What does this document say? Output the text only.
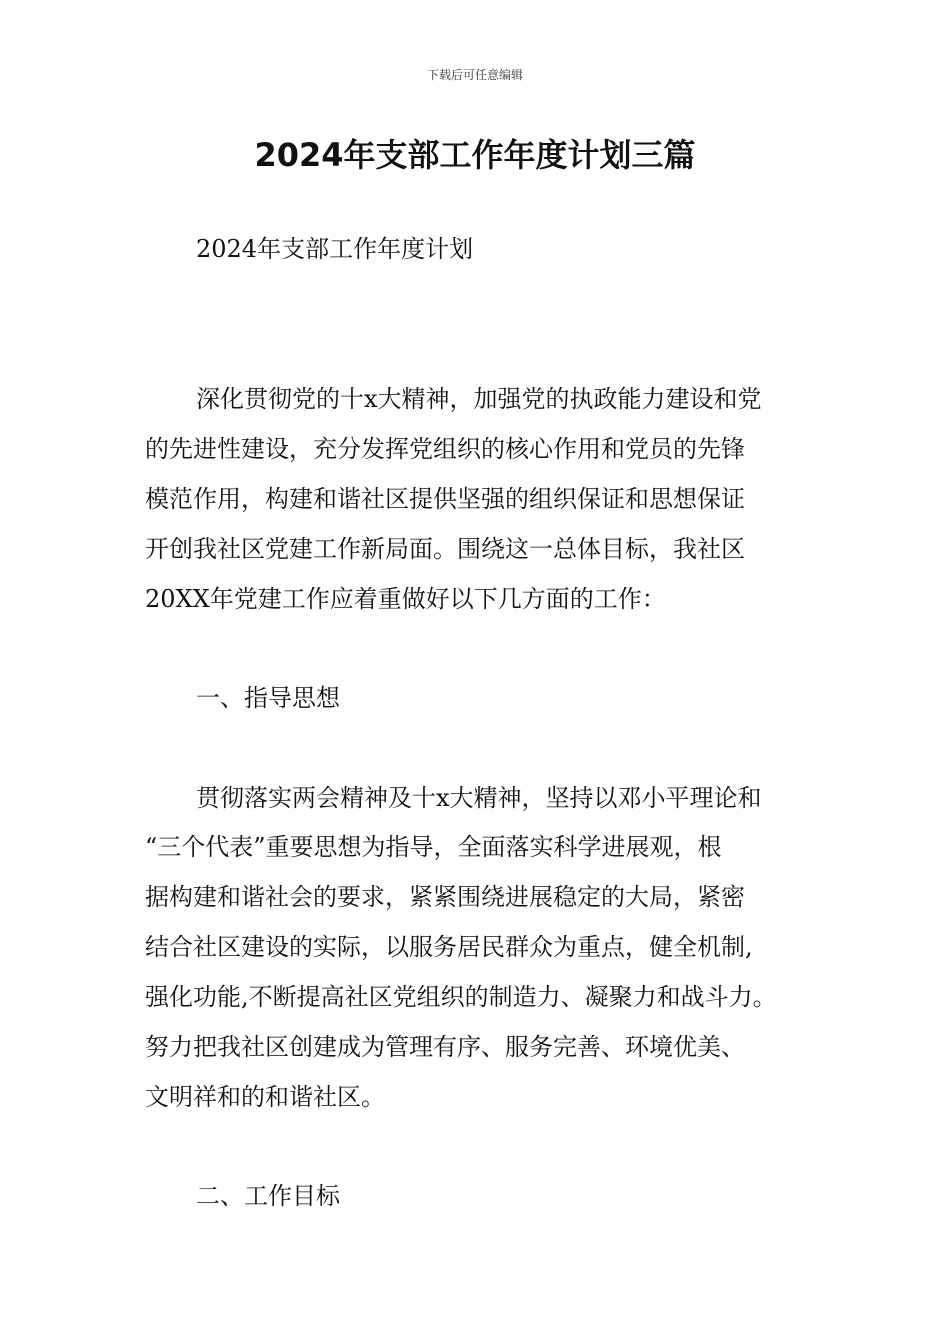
下载后可任意编辑
2024年支部工作年度计划三篇
2024年支部工作年度计划
深化贯彻党的十x大精神，加强党的执政能力建设和党
的先进性建设，充分发挥党组织的核心作用和党员的先锋
模范作用，构建和谐社区提供坚强的组织保证和思想保证
开创我社区党建工作新局面。围绕这一总体目标，我社区
20XX年党建工作应着重做好以下几方面的工作：
一、指导思想
贯彻落实两会精神及十x大精神，坚持以邓小平理论和
“三个代表”重要思想为指导，全面落实科学进展观，根
据构建和谐社会的要求，紧紧围绕进展稳定的大局，紧密
结合社区建设的实际，以服务居民群众为重点，健全机制,
强化功能,不断提高社区党组织的制造力、凝聚力和战斗力。
努力把我社区创建成为管理有序、服务完善、环境优美、
文明祥和的和谐社区。
二、工作目标
